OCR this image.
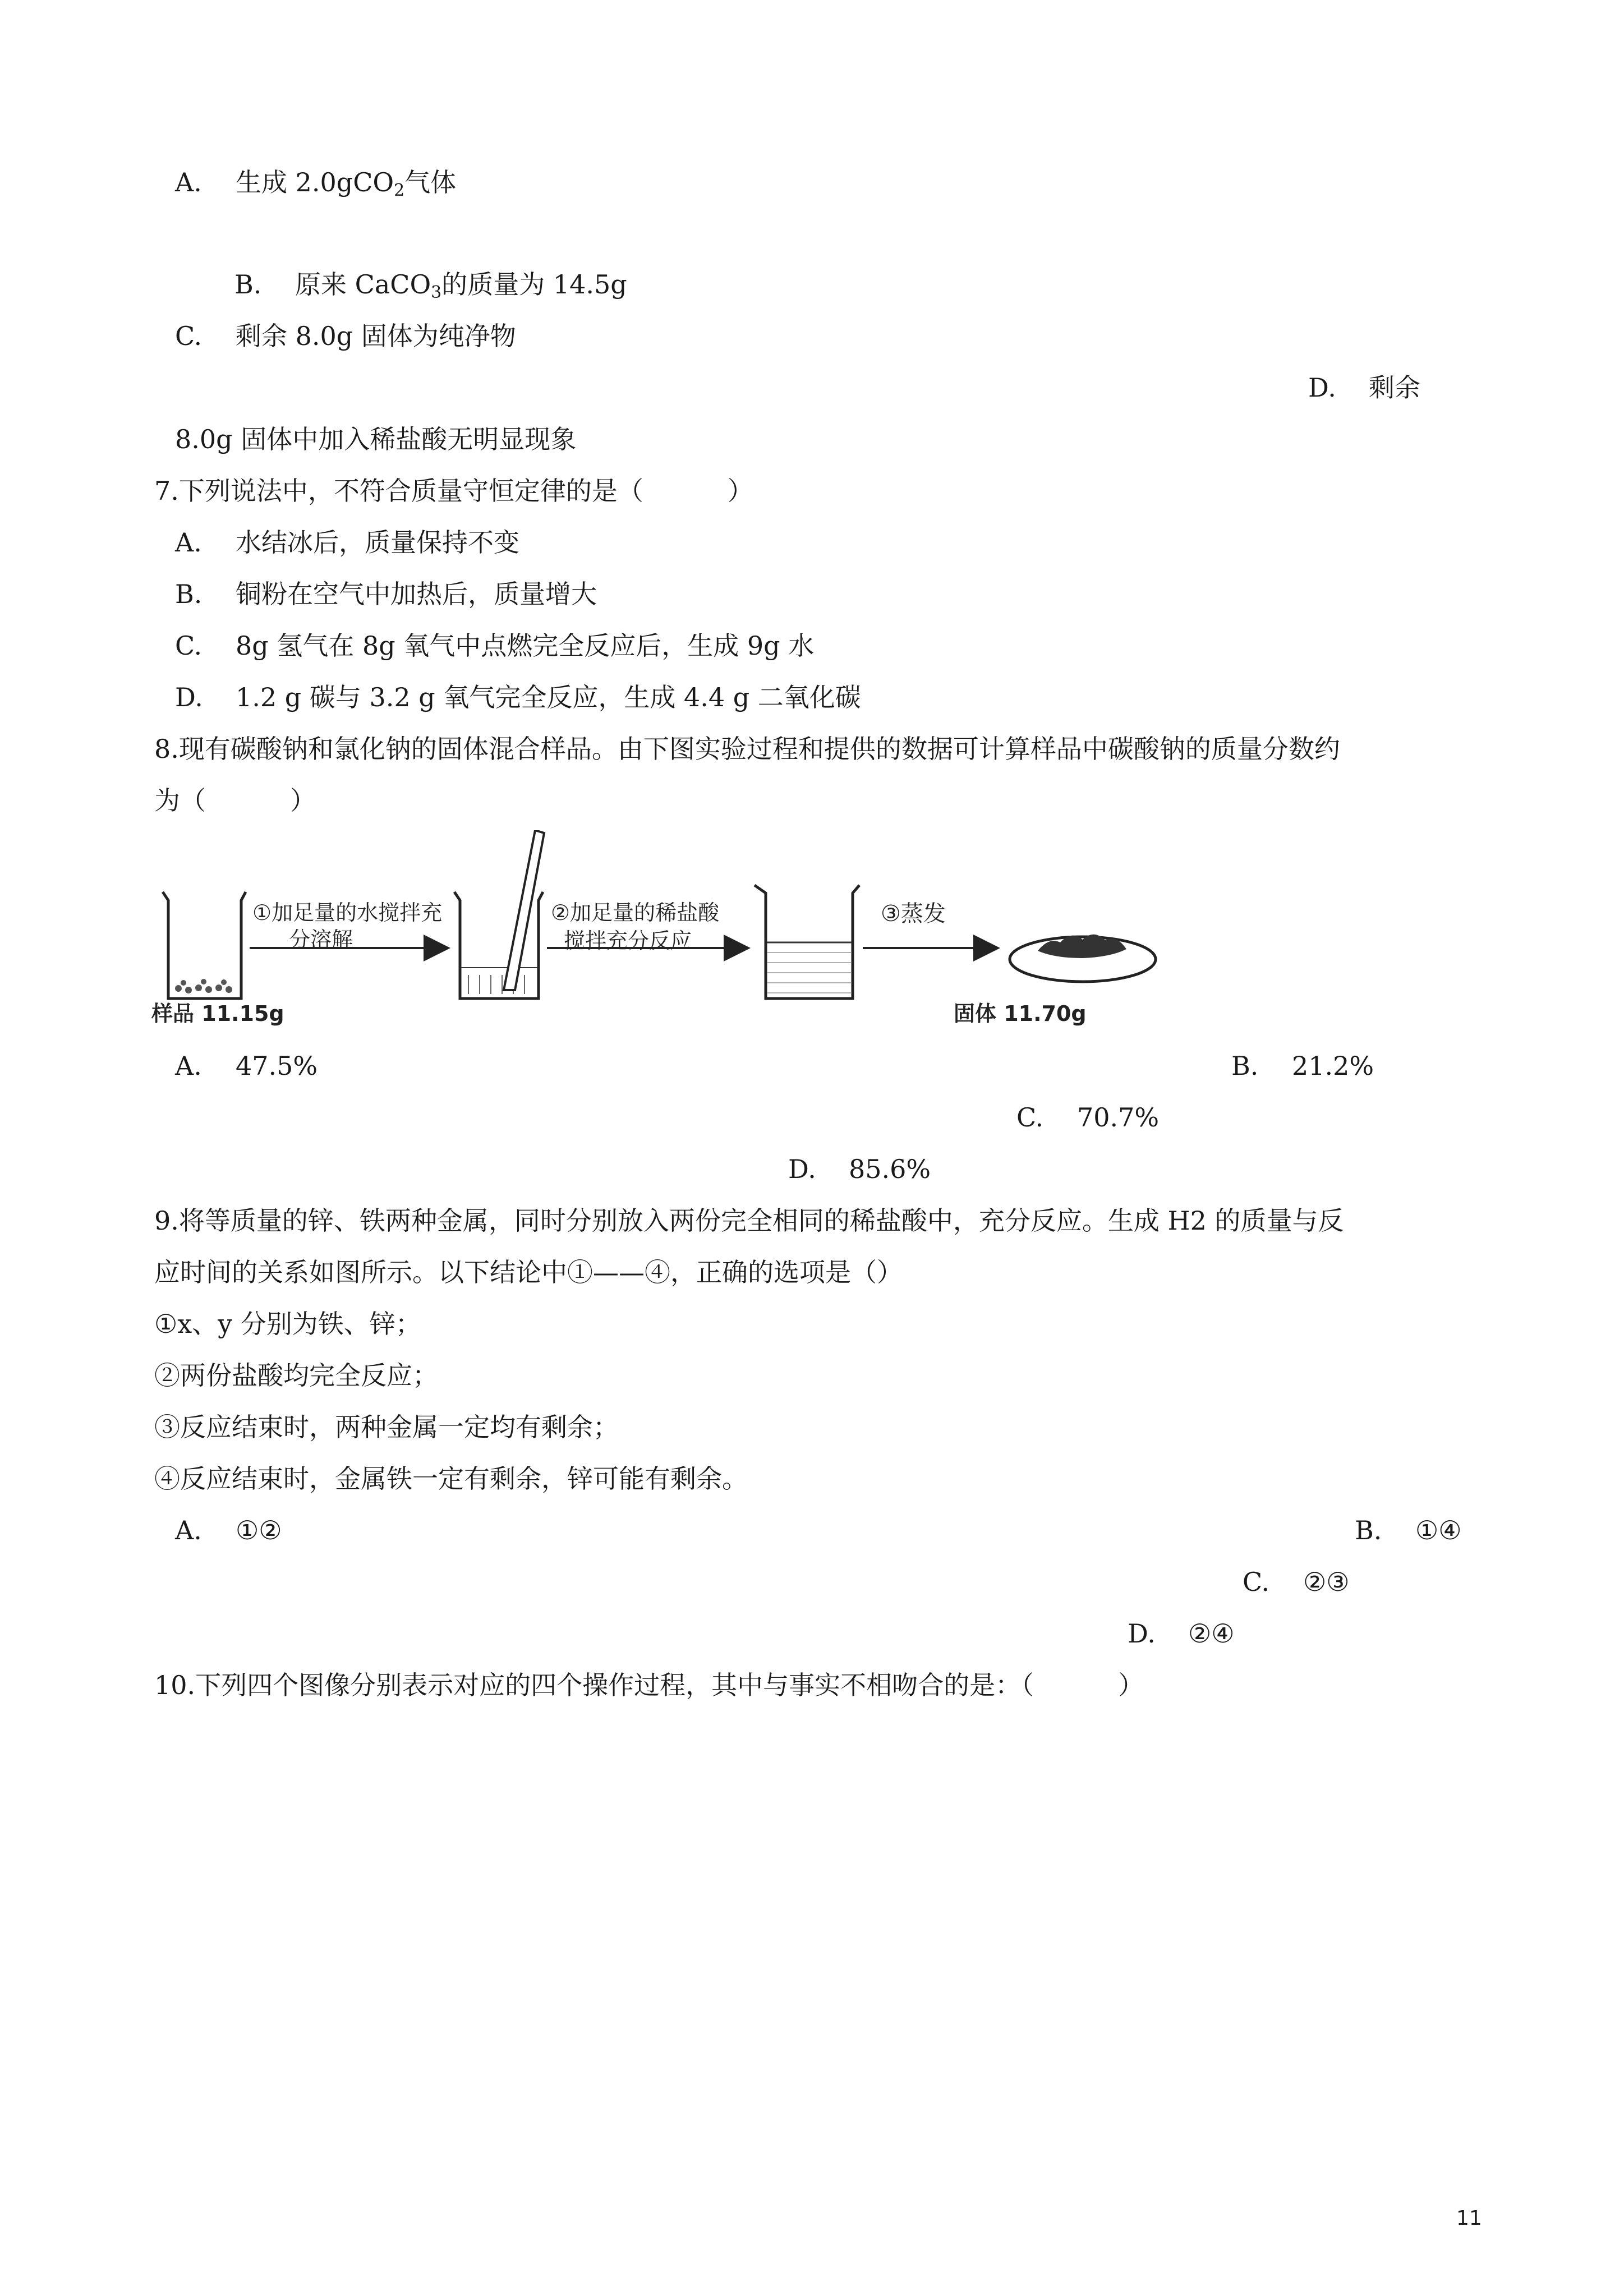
A. 生成 2.0gCO$_2$气体
B. 原来 CaCO$_3$的质量为 14.5g
C. 剩余 8.0g 固体为纯净物
D. 剩余
8.0g 固体中加入稀盐酸无明显现象
7.下列说法中，不符合质量守恒定律的是（	）
A. 水结冰后，质量保持不变
B. 铜粉在空气中加热后，质量增大
C. 8g 氢气在 8g 氧气中点燃完全反应后，生成 9g 水
D. 1.2 g 碳与 3.2 g 氧气完全反应，生成 4.4 g 二氧化碳
8.现有碳酸钠和氯化钠的固体混合样品。由下图实验过程和提供的数据可计算样品中碳酸钠的质量分数约
为（	）
①加足量的水搅拌充
分溶解
②加足量的稀盐酸
搅拌充分反应
③蒸发
样品 11.15g	固体 11.70g
A. 47.5%	B. 21.2%
C. 70.7%
D. 85.6%
9.将等质量的锌、铁两种金属，同时分别放入两份完全相同的稀盐酸中，充分反应。生成 H2 的质量与反
应时间的关系如图所示。以下结论中①——④，正确的选项是（）
①x、y 分别为铁、锌；
②两份盐酸均完全反应；
③反应结束时，两种金属一定均有剩余；
④反应结束时，金属铁一定有剩余，锌可能有剩余。
A. ①②	B. ①④
C. ②③
D. ②④
10.下列四个图像分别表示对应的四个操作过程，其中与事实不相吻合的是：（	）
11
